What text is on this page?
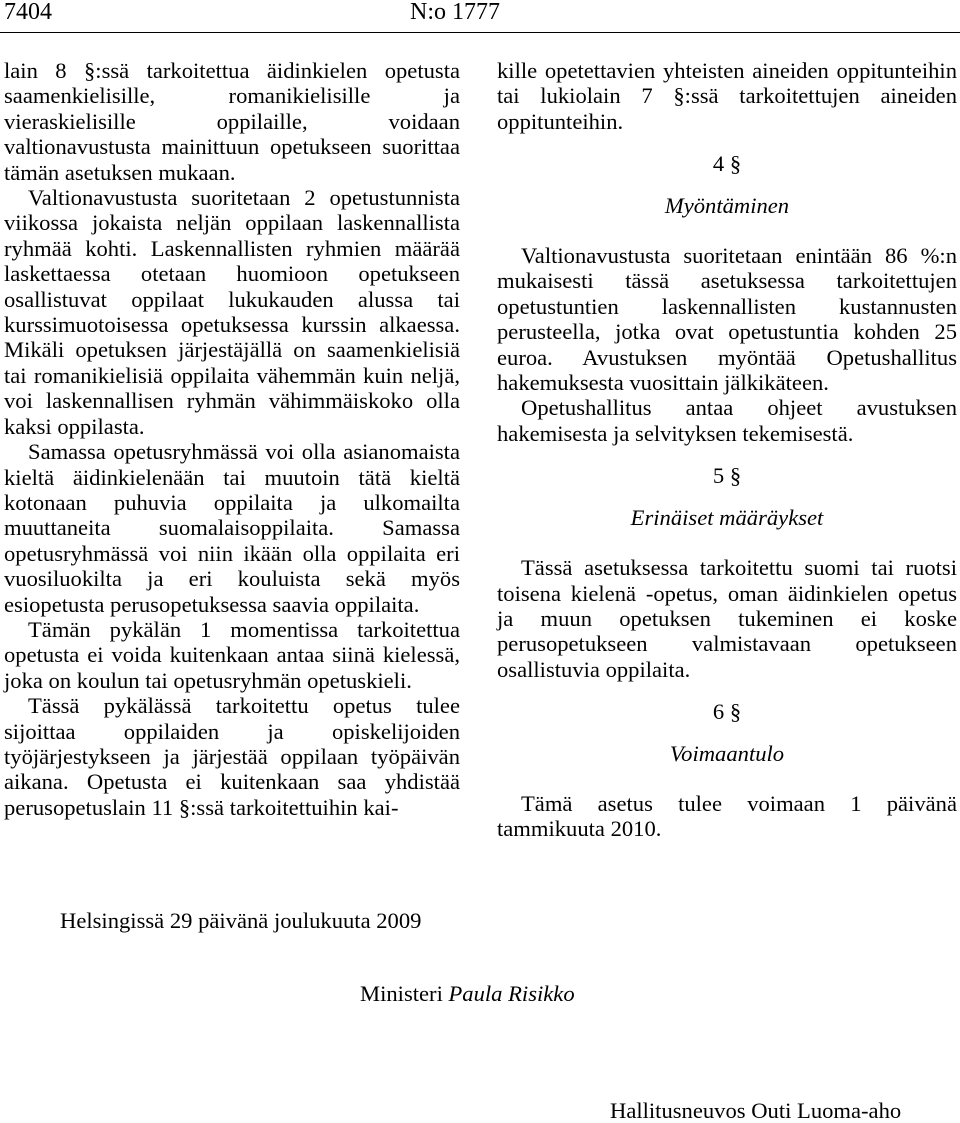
7404	N:o 1777

lain 8 §:ssä tarkoitettua äidinkielen opetusta saamenkielisille, romanikielisille ja vieraskielisille oppilaille, voidaan valtionavustusta mainittuun opetukseen suorittaa tämän asetuksen mukaan.

Valtionavustusta suoritetaan 2 opetustunnista viikossa jokaista neljän oppilaan laskennallista ryhmää kohti. Laskennallisten ryhmien määrää laskettaessa otetaan huomioon opetukseen osallistuvat oppilaat lukukauden alussa tai kurssimuotoisessa opetuksessa kurssin alkaessa. Mikäli opetuksen järjestäjällä on saamenkielisiä tai romanikielisiä oppilaita vähemmän kuin neljä, voi laskennallisen ryhmän vähimmäiskoko olla kaksi oppilasta.

Samassa opetusryhmässä voi olla asianomaista kieltä äidinkielenään tai muutoin tätä kieltä kotonaan puhuvia oppilaita ja ulkomailta muuttaneita suomalaisoppilaita. Samassa opetusryhmässä voi niin ikään olla oppilaita eri vuosiluokilta ja eri kouluista sekä myös esiopetusta perusopetuksessa saavia oppilaita.

Tämän pykälän 1 momentissa tarkoitettua opetusta ei voida kuitenkaan antaa siinä kielessä, joka on koulun tai opetusryhmän opetuskieli.

Tässä pykälässä tarkoitettu opetus tulee sijoittaa oppilaiden ja opiskelijoiden työjärjestykseen ja järjestää oppilaan työpäivän aikana. Opetusta ei kuitenkaan saa yhdistää perusopetuslain 11 §:ssä tarkoitettuihin kai-

kille opetettavien yhteisten aineiden oppitunteihin tai lukiolain 7 §:ssä tarkoitettujen aineiden oppitunteihin.

4 §
Myöntäminen

Valtionavustusta suoritetaan enintään 86 %:n mukaisesti tässä asetuksessa tarkoitettujen opetustuntien laskennallisten kustannusten perusteella, jotka ovat opetustuntia kohden 25 euroa. Avustuksen myöntää Opetushallitus hakemuksesta vuosittain jälkikäteen.

Opetushallitus antaa ohjeet avustuksen hakemisesta ja selvityksen tekemisestä.

5 §
Erinäiset määräykset

Tässä asetuksessa tarkoitettu suomi tai ruotsi toisena kielenä -opetus, oman äidinkielen opetus ja muun opetuksen tukeminen ei koske perusopetukseen valmistavaan opetukseen osallistuvia oppilaita.

6 §
Voimaantulo

Tämä asetus tulee voimaan 1 päivänä tammikuuta 2010.

Helsingissä 29 päivänä joulukuuta 2009
Ministeri Paula Risikko
Hallitusneuvos Outi Luoma-aho
